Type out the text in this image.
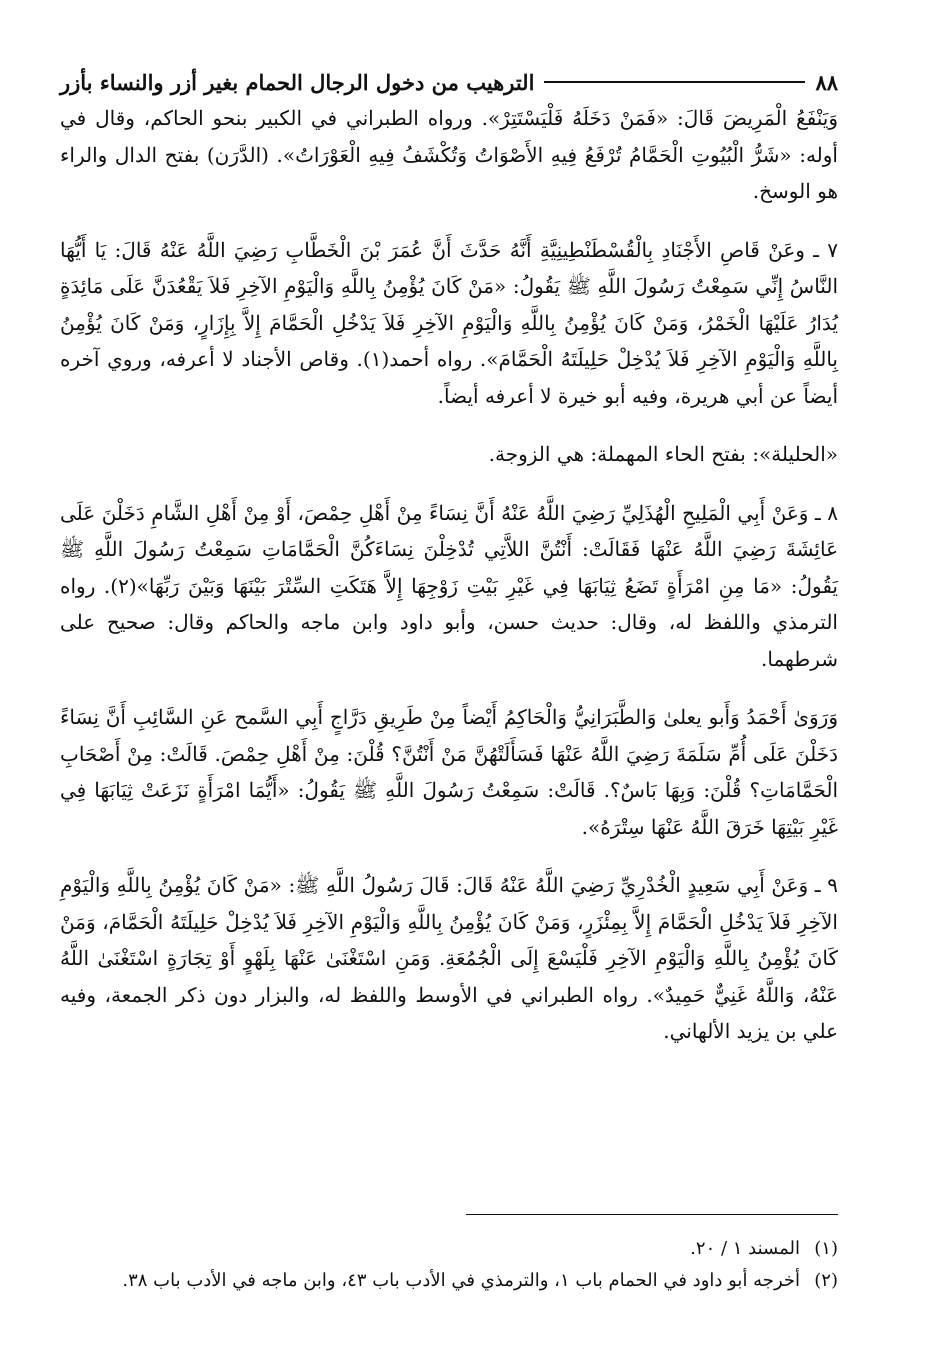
٨٨
الترهيب من دخول الرجال الحمام بغير أزر والنساء بأزر

وَيَنْفَعُ الْمَرِيضَ قَالَ: «فَمَنْ دَخَلَهُ فَلْيَسْتَتِرْ». ورواه الطبراني في الكبير بنحو الحاكم، وقال في أوله: «شَرُّ الْبُيُوتِ الْحَمَّامُ تُرْفَعُ فِيهِ الأَصْوَاتُ وَتُكْشَفُ فِيهِ الْعَوْرَاتُ». (الدَّرَن) بفتح الدال والراء هو الوسخ.

٧ ـ وعَنْ قَاصِ الأَجْنَادِ بِالْقُسْطَنْطِينِيَّةِ أَنَّهُ حَدَّثَ أَنَّ عُمَرَ بْنَ الْخَطَّابِ رَضِيَ اللَّهُ عَنْهُ قَالَ: يَا أَيُّهَا النَّاسُ إِنِّي سَمِعْتُ رَسُولَ اللَّهِ ﷺ يَقُولُ: «مَنْ كَانَ يُؤْمِنُ بِاللَّهِ وَالْيَوْمِ الآخِرِ فَلاَ يَقْعُدَنَّ عَلَى مَائِدَةٍ يُدَارُ عَلَيْهَا الْخَمْرُ، وَمَنْ كَانَ يُؤْمِنُ بِاللَّهِ وَالْيَوْمِ الآخِرِ فَلاَ يَدْخُلِ الْحَمَّامَ إِلاَّ بِإِزَارٍ، وَمَنْ كَانَ يُؤْمِنُ بِاللَّهِ وَالْيَوْمِ الآخِرِ فَلاَ يُدْخِلْ حَلِيلَتَهُ الْحَمَّامَ». رواه أحمد(١). وقاص الأجناد لا أعرفه، وروي آخره أيضاً عن أبي هريرة، وفيه أبو خيرة لا أعرفه أيضاً.

«الحليلة»: بفتح الحاء المهملة: هي الزوجة.

٨ ـ وَعَنْ أَبِي الْمَلِيحِ الْهُذَلِيِّ رَضِيَ اللَّهُ عَنْهُ أَنَّ نِسَاءً مِنْ أَهْلِ حِمْصَ، أَوْ مِنْ أَهْلِ الشَّامِ دَخَلْنَ عَلَى عَائِشَةَ رَضِيَ اللَّهُ عَنْهَا فَقَالَتْ: أَنْتُنَّ اللاَّتِي تُدْخِلْنَ نِسَاءَكُنَّ الْحَمَّامَاتِ سَمِعْتُ رَسُولَ اللَّهِ ﷺ يَقُولُ: «مَا مِنِ امْرَأَةٍ تَضَعُ ثِيَابَهَا فِي غَيْرِ بَيْتِ زَوْجِهَا إِلاَّ هَتَكَتِ السِّتْرَ بَيْنَهَا وَبَيْنَ رَبِّهَا»(٢). رواه الترمذي واللفظ له، وقال: حديث حسن، وأبو داود وابن ماجه والحاكم وقال: صحيح على شرطهما.

وَرَوَىٰ أَحْمَدُ وَأَبو يعلىٰ وَالطَّبَرَانِيُّ وَالْحَاكِمُ أَيْضاً مِنْ طَرِيقِ دَرَّاجٍ أَبِي السَّمح عَنِ السَّائِبِ أَنَّ نِسَاءً دَخَلْنَ عَلَى أُمِّ سَلَمَةَ رَضِيَ اللَّهُ عَنْهَا فَسَأَلَتْهُنَّ مَنْ أَنْتُنَّ؟ قُلْنَ: مِنْ أَهْلِ حِمْصَ. قَالَتْ: مِنْ أَصْحَابِ الْحَمَّامَاتِ؟ قُلْنَ: وَبِهَا بَاسٌ؟. قَالَتْ: سَمِعْتُ رَسُولَ اللَّهِ ﷺ يَقُولُ: «أَيُّمَا امْرَأَةٍ نَزَعَتْ ثِيَابَهَا فِي غَيْرِ بَيْتِهَا خَرَقَ اللَّهُ عَنْهَا سِتْرَهُ».

٩ ـ وَعَنْ أَبِي سَعِيدٍ الْخُدْرِيِّ رَضِيَ اللَّهُ عَنْهُ قَالَ: قَالَ رَسُولُ اللَّهِ ﷺ: «مَنْ كَانَ يُؤْمِنُ بِاللَّهِ وَالْيَوْمِ الآخِرِ فَلاَ يَدْخُلِ الْحَمَّامَ إِلاَّ بِمِئْزَرٍ، وَمَنْ كَانَ يُؤْمِنُ بِاللَّهِ وَالْيَوْمِ الآخِرِ فَلاَ يُدْخِلْ حَلِيلَتَهُ الْحَمَّامَ، وَمَنْ كَانَ يُؤْمِنُ بِاللَّهِ وَالْيَوْمِ الآخِرِ فَلْيَسْعَ إِلَى الْجُمُعَةِ. وَمَنِ اسْتَغْنَىٰ عَنْهَا بِلَهْوٍ أَوْ تِجَارَةٍ اسْتَغْنَىٰ اللَّهُ عَنْهُ، وَاللَّهُ غَنِيٌّ حَمِيدٌ». رواه الطبراني في الأوسط واللفظ له، والبزار دون ذكر الجمعة، وفيه علي بن يزيد الألهاني.

(١)
المسند ١ / ٢٠.
(٢)
أخرجه أبو داود في الحمام باب ١، والترمذي في الأدب باب ٤٣، وابن ماجه في الأدب باب ٣٨.
